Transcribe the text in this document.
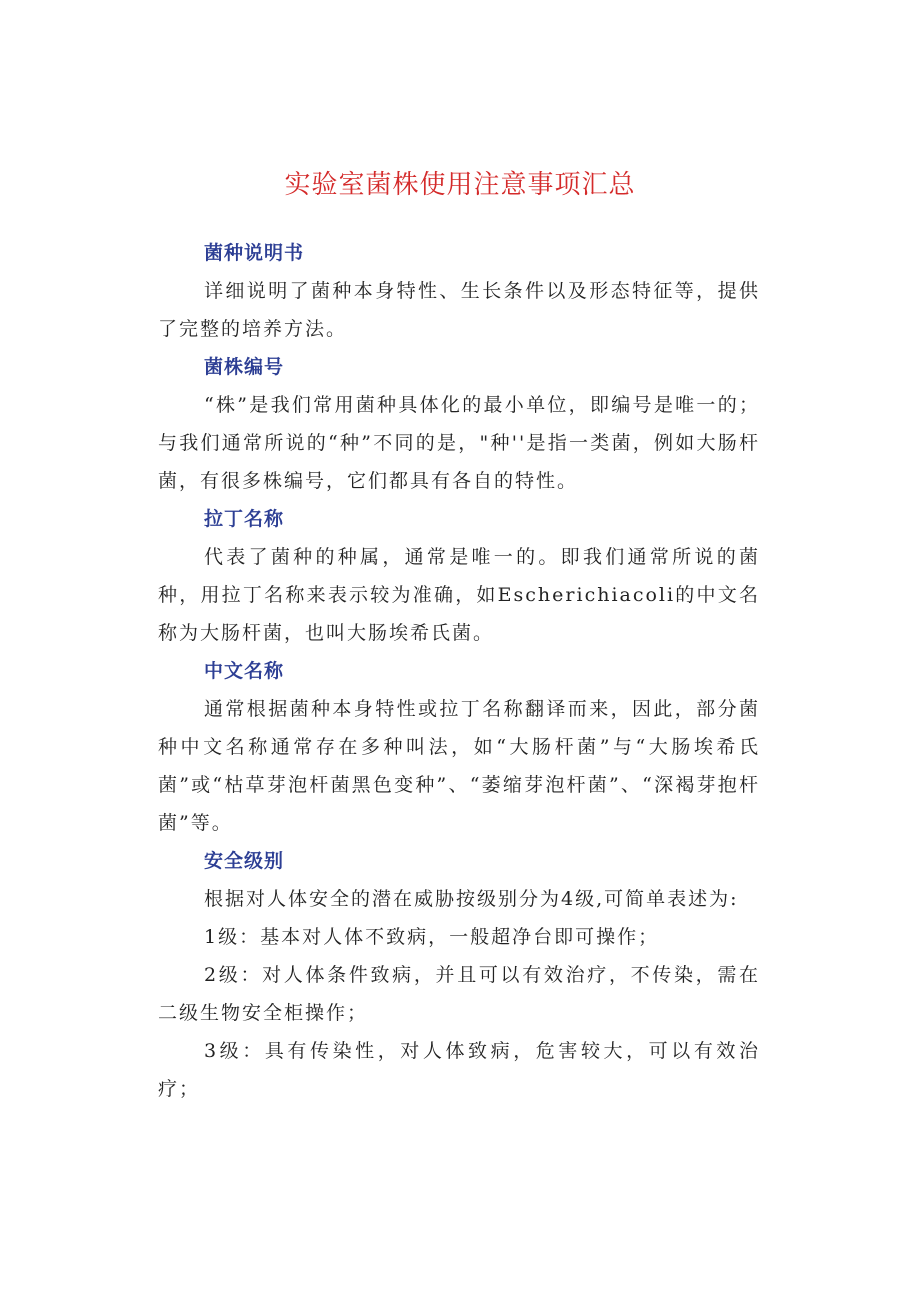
实验室菌株使用注意事项汇总
菌种说明书

详细说明了菌种本身特性、生长条件以及形态特征等，提供了完整的培养方法。

菌株编号

“株”是我们常用菌种具体化的最小单位，即编号是唯一的；与我们通常所说的“种”不同的是，"种''是指一类菌，例如大肠杆菌，有很多株编号，它们都具有各自的特性。

拉丁名称

代表了菌种的种属，通常是唯一的。即我们通常所说的菌种，用拉丁名称来表示较为准确，如Escherichiacoli的中文名称为大肠杆菌，也叫大肠埃希氏菌。

中文名称

通常根据菌种本身特性或拉丁名称翻译而来，因此，部分菌种中文名称通常存在多种叫法，如“大肠杆菌”与“大肠埃希氏菌”或“枯草芽泡杆菌黑色变种”、“萎缩芽泡杆菌”、“深褐芽抱杆菌”等。

安全级别

根据对人体安全的潜在威胁按级别分为4级,可简单表述为:

1级：基本对人体不致病，一般超净台即可操作；

2级：对人体条件致病，并且可以有效治疗，不传染，需在二级生物安全柜操作；

3级：具有传染性，对人体致病，危害较大，可以有效治疗；
